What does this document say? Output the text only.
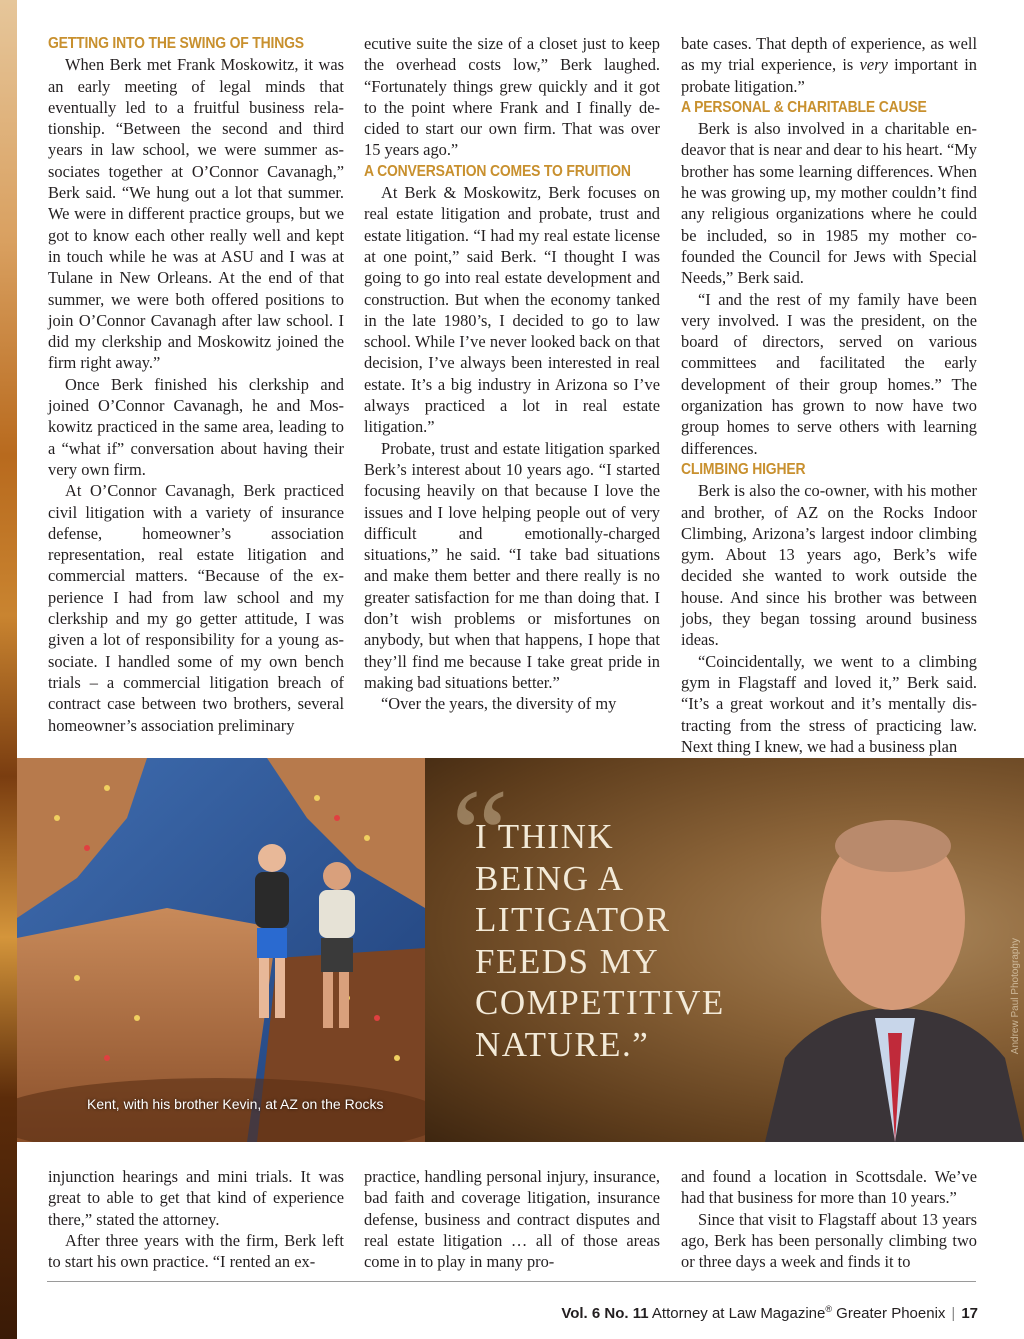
GETTING INTO THE SWING OF THINGS

When Berk met Frank Moskowitz, it was an early meeting of legal minds that eventually led to a fruitful business relationship. “Between the second and third years in law school, we were summer associates together at O’Connor Cavanagh,” Berk said. “We hung out a lot that summer. We were in different practice groups, but we got to know each other really well and kept in touch while he was at ASU and I was at Tulane in New Orleans. At the end of that summer, we were both offered positions to join O’Connor Cavanagh after law school. I did my clerkship and Moskowitz joined the firm right away.”

Once Berk finished his clerkship and joined O’Connor Cavanagh, he and Moskowitz practiced in the same area, leading to a “what if” conversation about having their very own firm.

At O’Connor Cavanagh, Berk practiced civil litigation with a variety of insurance defense, homeowner’s association representation, real estate litigation and commercial matters. “Because of the experience I had from law school and my clerkship and my go getter attitude, I was given a lot of responsibility for a young associate. I handled some of my own bench trials – a commercial litigation breach of contract case between two brothers, several homeowner’s association preliminary

ecutive suite the size of a closet just to keep the overhead costs low,” Berk laughed. “Fortunately things grew quickly and it got to the point where Frank and I finally decided to start our own firm. That was over 15 years ago.”

A CONVERSATION COMES TO FRUITION

At Berk & Moskowitz, Berk focuses on real estate litigation and probate, trust and estate litigation. “I had my real estate license at one point,” said Berk. “I thought I was going to go into real estate development and construction. But when the economy tanked in the late 1980’s, I decided to go to law school. While I’ve never looked back on that decision, I’ve always been interested in real estate. It’s a big industry in Arizona so I’ve always practiced a lot in real estate litigation.”

Probate, trust and estate litigation sparked Berk’s interest about 10 years ago. “I started focusing heavily on that because I love the issues and I love helping people out of very difficult and emotionally-charged situations,” he said. “I take bad situations and make them better and there really is no greater satisfaction for me than doing that. I don’t wish problems or misfortunes on anybody, but when that happens, I hope that they’ll find me because I take great pride in making bad situations better.”

“Over the years, the diversity of my

bate cases. That depth of experience, as well as my trial experience, is very important in probate litigation.”

A PERSONAL & CHARITABLE CAUSE

Berk is also involved in a charitable endeavor that is near and dear to his heart. “My brother has some learning differences. When he was growing up, my mother couldn’t find any religious organizations where he could be included, so in 1985 my mother co-founded the Council for Jews with Special Needs,” Berk said.

“I and the rest of my family have been very involved. I was the president, on the board of directors, served on various committees and facilitated the early development of their group homes.” The organization has grown to now have two group homes to serve others with learning differences.

CLIMBING HIGHER

Berk is also the co-owner, with his mother and brother, of AZ on the Rocks Indoor Climbing, Arizona’s largest indoor climbing gym. About 13 years ago, Berk’s wife decided she wanted to work outside the house. And since his brother was between jobs, they began tossing around business ideas.

“Coincidentally, we went to a climbing gym in Flagstaff and loved it,” Berk said. “It’s a great workout and it’s mentally distracting from the stress of practicing law. Next thing I knew, we had a business plan

Kent, with his brother Kevin, at AZ on the Rocks
“
I THINK BEING A LITIGATOR FEEDS MY COMPETITIVE NATURE.”	Andrew Paul Photography

injunction hearings and mini trials. It was great to able to get that kind of experience there,” stated the attorney.

After three years with the firm, Berk left to start his own practice. “I rented an ex-

practice, handling personal injury, insurance, bad faith and coverage litigation, insurance defense, business and contract disputes and real estate litigation … all of those areas come in to play in many pro-

and found a location in Scottsdale. We’ve had that business for more than 10 years.”

Since that visit to Flagstaff about 13 years ago, Berk has been personally climbing two or three days a week and finds it to

Vol. 6 No. 11 Attorney at Law Magazine® Greater Phoenix | 17
